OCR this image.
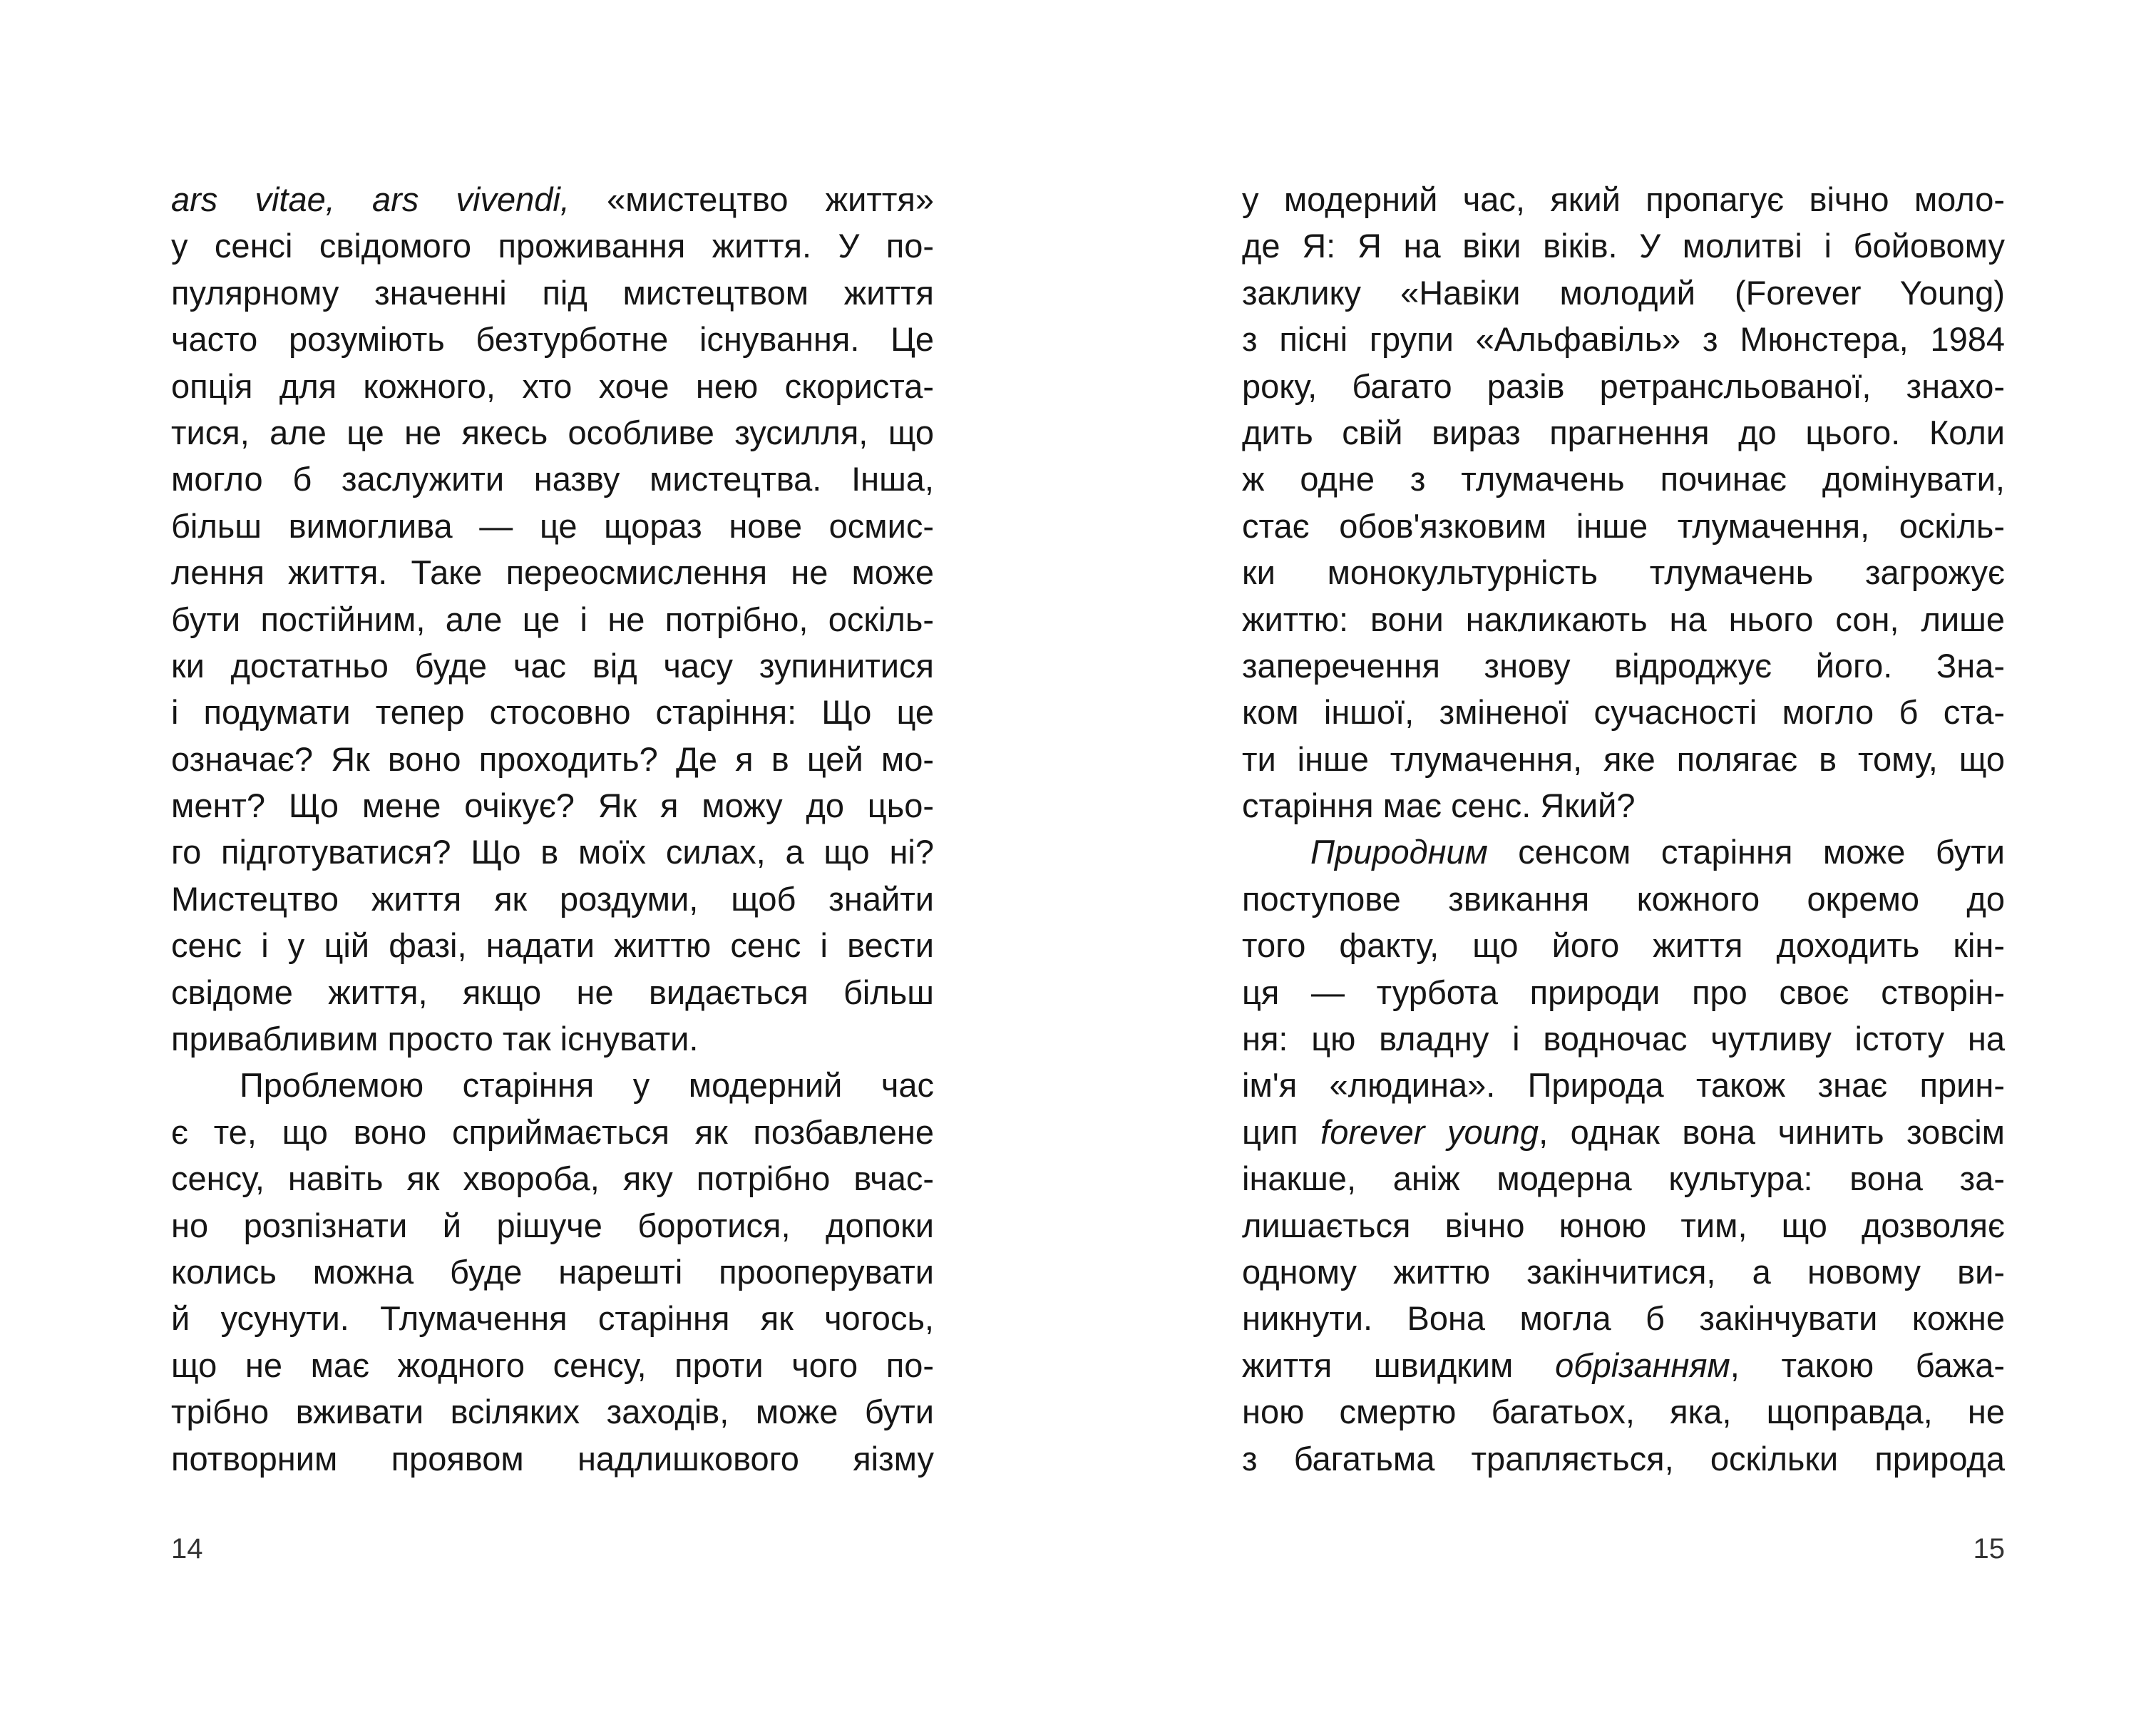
ars vitae, ars vivendi, «мистецтво життя»
у сенсі свідомого проживання життя. У по-
пулярному значенні під мистецтвом життя
часто розуміють безтурботне існування. Це
опція для кожного, хто хоче нею скориста-
тися, але це не якесь особливе зусилля, що
могло б заслужити назву мистецтва. Інша,
більш вимоглива — це щораз нове осмис-
лення життя. Таке переосмислення не може
бути постійним, але це і не потрібно, оскіль-
ки достатньо буде час від часу зупинитися
і подумати тепер стосовно старіння: Що це
означає? Як воно проходить? Де я в цей мо-
мент? Що мене очікує? Як я можу до цьо-
го підготуватися? Що в моїх силах, а що ні?
Мистецтво життя як роздуми, щоб знайти
сенс і у цій фазі, надати життю сенс і вести
свідоме життя, якщо не видається більш
привабливим просто так існувати.
Проблемою старіння у модерний час
є те, що воно сприймається як позбавлене
сенсу, навіть як хвороба, яку потрібно вчас-
но розпізнати й рішуче боротися, допоки
колись можна буде нарешті прооперувати
й усунути. Тлумачення старіння як чогось,
що не має жодного сенсу, проти чого по-
трібно вживати всіляких заходів, може бути
потворним проявом надлишкового яізму
14
у модерний час, який пропагує вічно моло-
де Я: Я на віки віків. У молитві і бойовому
заклику «Навіки молодий (Forever Young)
з пісні групи «Альфавіль» з Мюнстера, 1984
року, багато разів ретрансльованої, знахо-
дить свій вираз прагнення до цього. Коли
ж одне з тлумачень починає домінувати,
стає обов'язковим інше тлумачення, оскіль-
ки монокультурність тлумачень загрожує
життю: вони накликають на нього сон, лише
заперечення знову відроджує його. Зна-
ком іншої, зміненої сучасності могло б ста-
ти інше тлумачення, яке полягає в тому, що
старіння має сенс. Який?
Природним сенсом старіння може бути
поступове звикання кожного окремо до
того факту, що його життя доходить кін-
ця — турбота природи про своє створін-
ня: цю владну і водночас чутливу істоту на
ім'я «людина». Природа також знає прин-
цип forever young, однак вона чинить зовсім
інакше, аніж модерна культура: вона за-
лишається вічно юною тим, що дозволяє
одному життю закінчитися, а новому ви-
никнути. Вона могла б закінчувати кожне
життя швидким обрізанням, такою бажа-
ною смертю багатьох, яка, щоправда, не
з багатьма трапляється, оскільки природа
15
